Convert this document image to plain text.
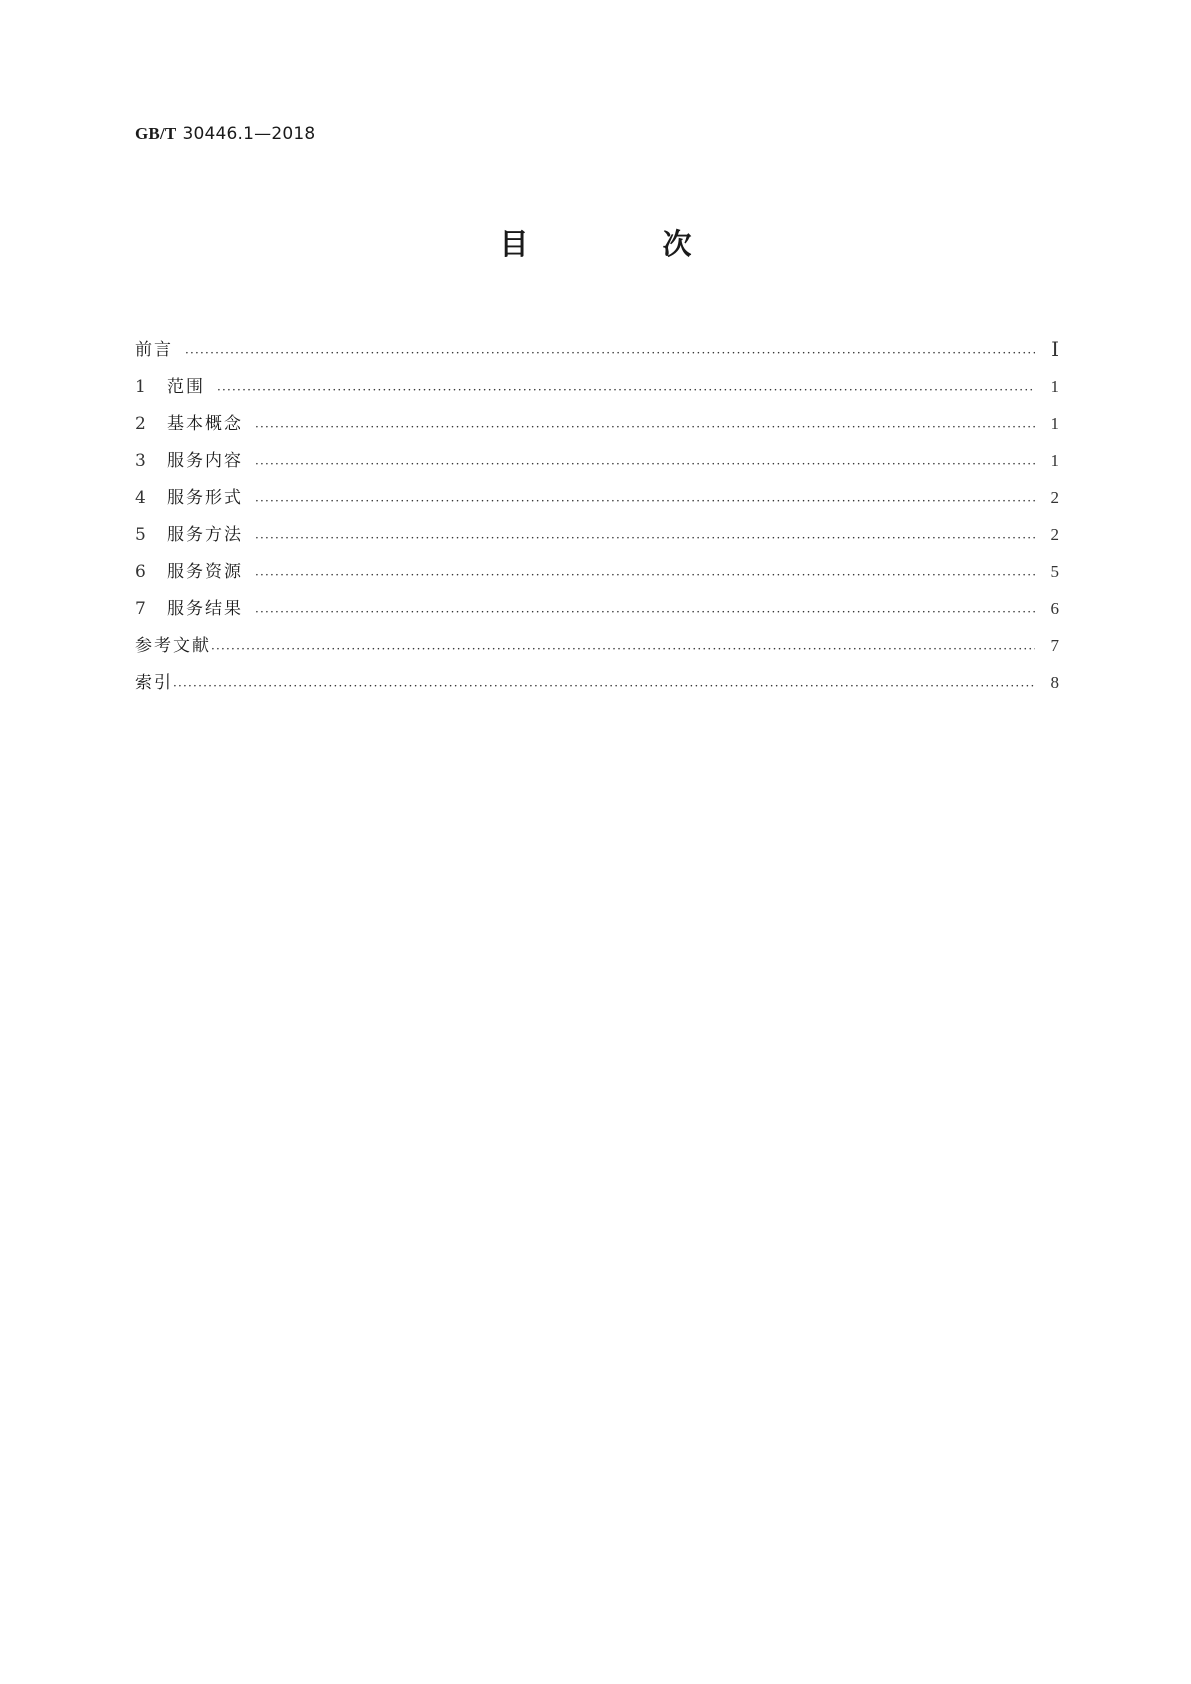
GB/T 30446.1—2018
目 次
前言 ·····	Ⅰ
1	范围 ·····	1
2	基本概念 ·····	1
3	服务内容 ·····	1
4	服务形式 ·····	2
5	服务方法 ·····	2
6	服务资源 ·····	5
7	服务结果 ·····	6
参考文献 ·····	7
索引 ·····	8
